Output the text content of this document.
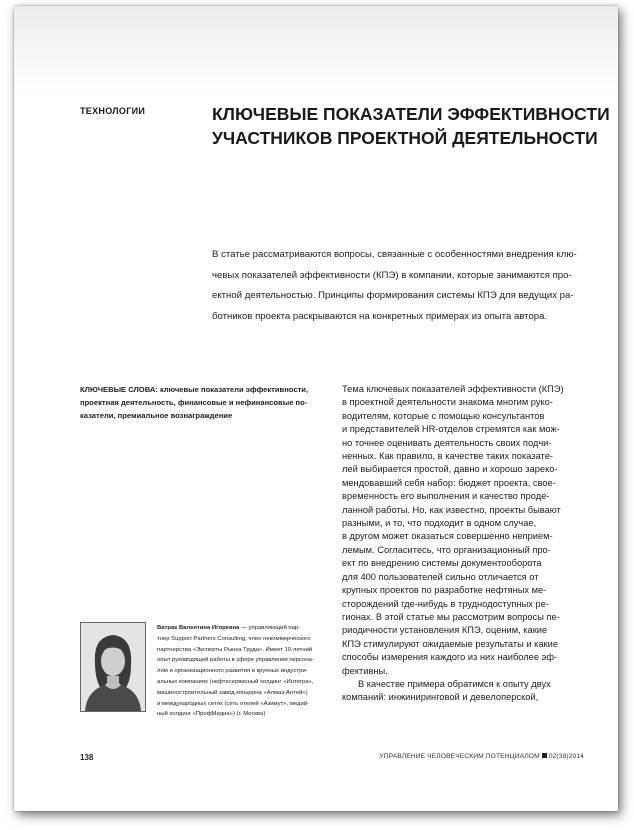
ТЕХНОЛОГИИ	КЛЮЧЕВЫЕ ПОКАЗАТЕЛИ ЭФФЕКТИВНОСТИ
УЧАСТНИКОВ ПРОЕКТНОЙ ДЕЯТЕЛЬНОСТИ
В статье рассматриваются вопросы, связанные с особенностями внедрения клю-
чевых показателей эффективности (КПЭ) в компании, которые занимаются про-
ектной деятельностью. Принципы формирования системы КПЭ для ведущих ра-
ботников проекта раскрываются на конкретных примерах из опыта автора.
КЛЮЧЕВЫЕ СЛОВА: ключевые показатели эффективности,
проектная деятельность, финансовые и нефинансовые по-
казатели, премиальное вознаграждение
Ватрак Валентина Игоревна — управляющий пар-
тнер Support Partners Consulting, член некоммерческого
партнерства «Эксперты Рынка Труда». Имеет 10-летний
опыт руководящей работы в сфере управления персона-
лом и организационного развития в крупных индустри-
альных компаниях (нефтесервисный холдинг «Интегра»,
машиностроительный завод концерна «Алмаз-Антей»)
и международных сетях (сеть отелей «Азимут», медий-
ный холдинг «ПрофМедиа») (г. Москва)
Тема ключевых показателей эффективности (КПЭ)
в проектной деятельности знакома многим руко-
водителям, которые с помощью консультантов
и представителей HR-отделов стремятся как мож-
но точнее оценивать деятельность своих подчи-
ненных. Как правило, в качестве таких показате-
лей выбирается простой, давно и хорошо зареко-
мендовавший себя набор: бюджет проекта, свое-
временность его выполнения и качество проде-
ланной работы. Но, как известно, проекты бывают
разными, и то, что подходит в одном случае,
в другом может оказаться совершенно неприем-
лемым. Согласитесь, что организационный про-
ект по внедрению системы документооборота
для 400 пользователей сильно отличается от
крупных проектов по разработке нефтяных ме-
сторождений где-нибудь в труднодоступных ре-
гионах. В этой статье мы рассмотрим вопросы пе-
риодичности установления КПЭ, оценим, какие
КПЭ стимулируют ожидаемые результаты и какие
способы измерения каждого из них наиболее эф-
фективны.
В качестве примера обратимся к опыту двух
компаний: инжиниринговой и девелоперской,
138	УПРАВЛЕНИЕ ЧЕЛОВЕЧЕСКИМ ПОТЕНЦИАЛОМ 02(38)2014
